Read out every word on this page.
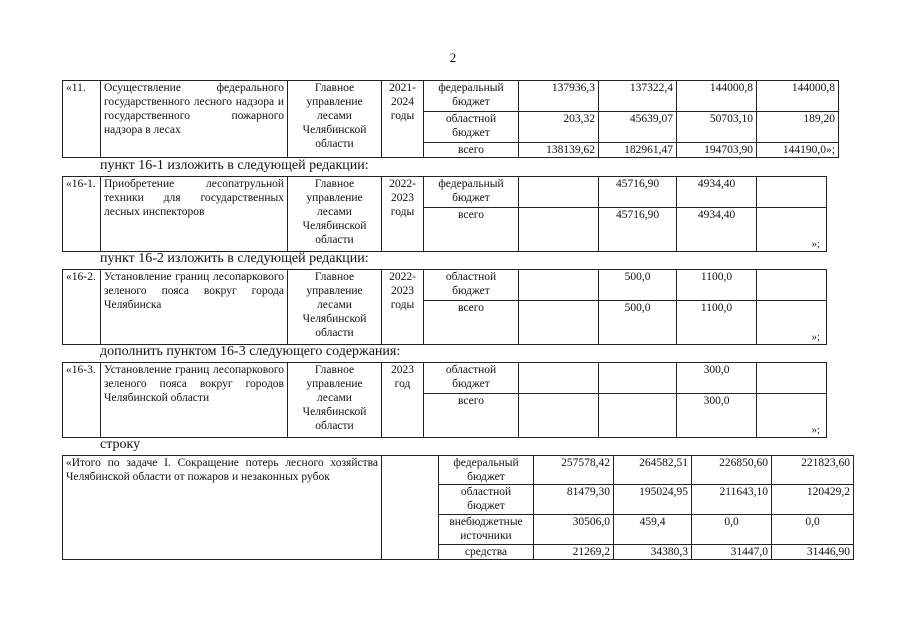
2
«11.	Осуществление федерального государственного лесного надзора и государственного пожарного надзора в лесах	Главное управление лесами Челябинской области	2021-2024 годы	федеральный бюджет	137936,3	137322,4	144000,8	144000,8
				областной бюджет	203,32	45639,07	50703,10	189,20
				всего	138139,62	182961,47	194703,90	144190,0»;
пункт 16-1 изложить в следующей редакции:
«16-1.	Приобретение лесопатрульной техники для государственных лесных инспекторов	Главное управление лесами Челябинской области	2022-2023 годы	федеральный бюджет		45716,90	4934,40	
				всего		45716,90	4934,40	»;
пункт 16-2 изложить в следующей редакции:
«16-2.	Установление границ лесопаркового зеленого пояса вокруг города Челябинска	Главное управление лесами Челябинской области	2022-2023 годы	областной бюджет		500,0	1100,0	
				всего		500,0	1100,0	»;
дополнить пунктом 16-3 следующего содержания:
«16-3.	Установление границ лесопаркового зеленого пояса вокруг городов Челябинской области	Главное управление лесами Челябинской области	2023 год	областной бюджет			300,0	
				всего			300,0	»;
строку
«Итого по задаче I. Сокращение потерь лесного хозяйства Челябинской области от пожаров и незаконных рубок		федеральный бюджет	257578,42	264582,51	226850,60	221823,60
		областной бюджет	81479,30	195024,95	211643,10	120429,2
		внебюджетные источники	30506,0	459,4	0,0	0,0
		средства	21269,2	34380,3	31447,0	31446,90
